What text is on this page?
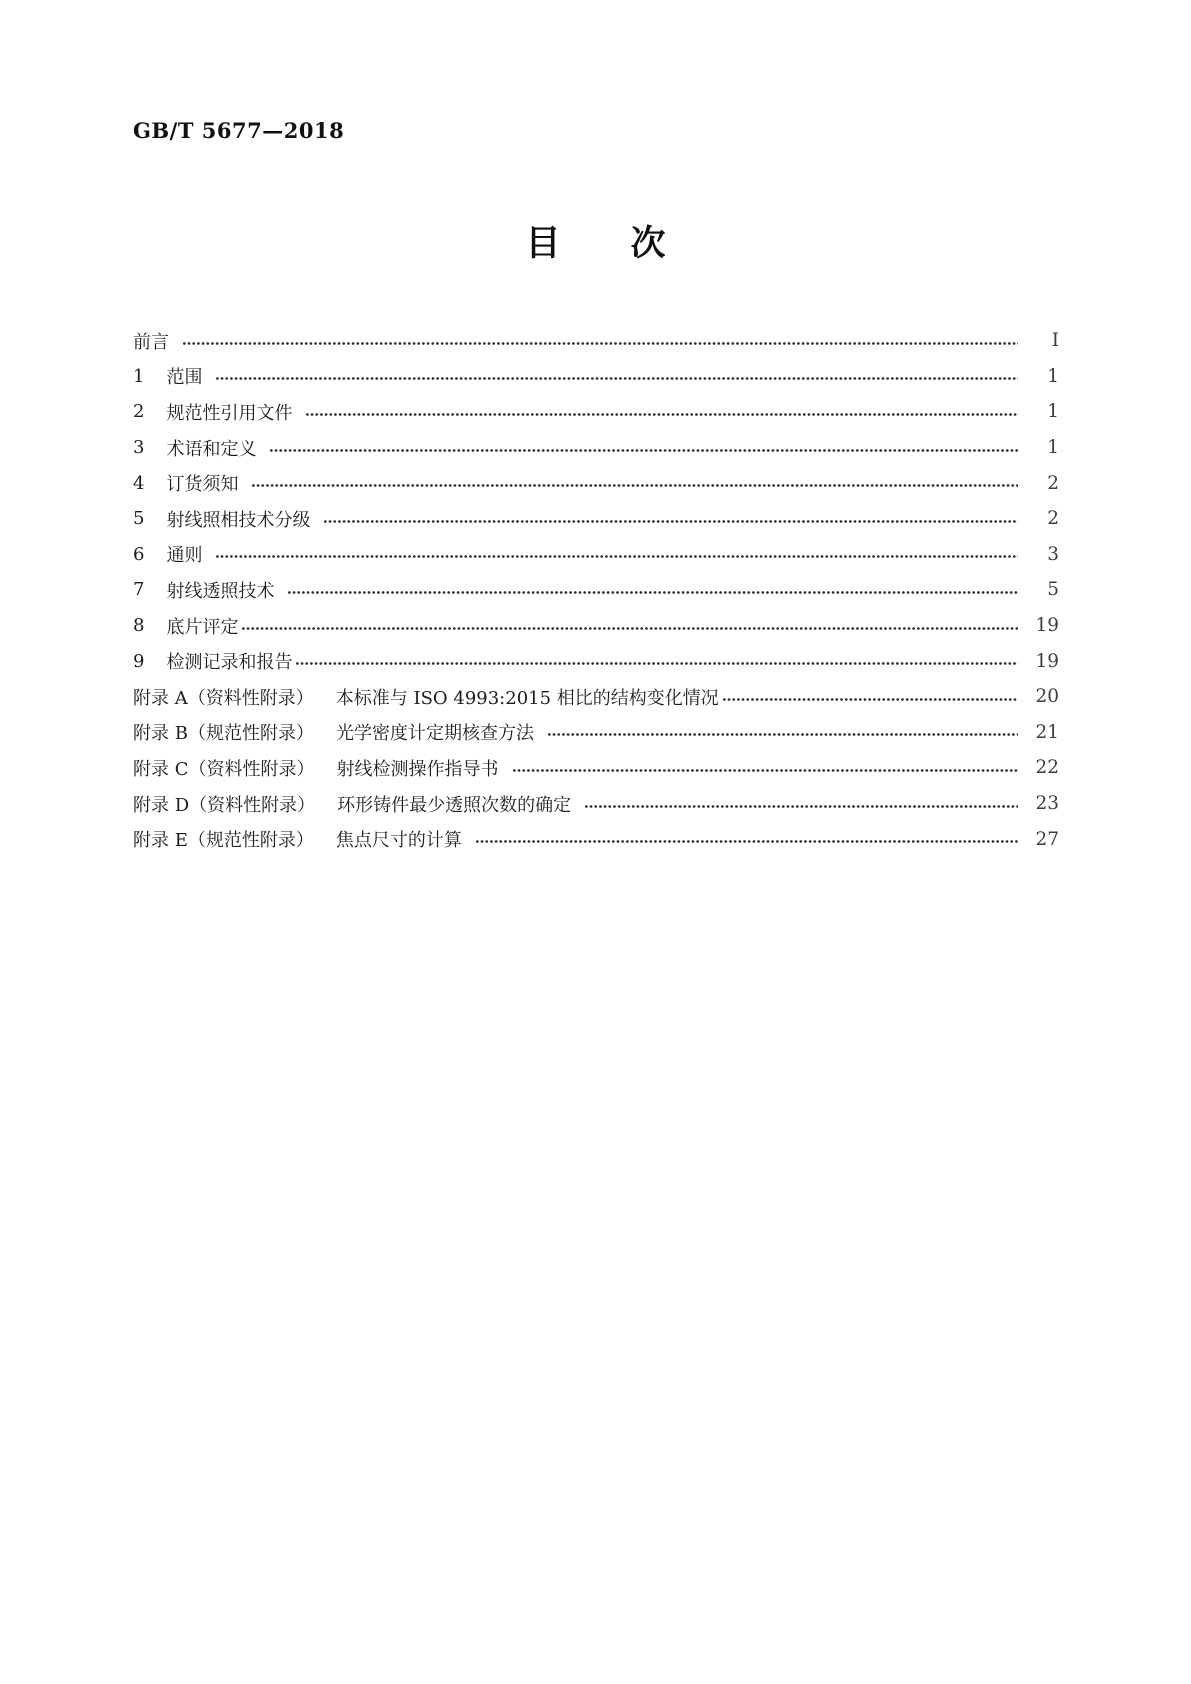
GB/T 5677—2018
目　　次
前言	Ⅰ
1 范围	1
2 规范性引用文件	1
3 术语和定义	1
4 订货须知	2
5 射线照相技术分级	2
6 通则	3
7 射线透照技术	5
8 底片评定	19
9 检测记录和报告	19
附录 A（资料性附录） 本标准与 ISO 4993:2015 相比的结构变化情况	20
附录 B（规范性附录） 光学密度计定期核查方法	21
附录 C（资料性附录） 射线检测操作指导书	22
附录 D（资料性附录） 环形铸件最少透照次数的确定	23
附录 E（规范性附录） 焦点尺寸的计算	27
